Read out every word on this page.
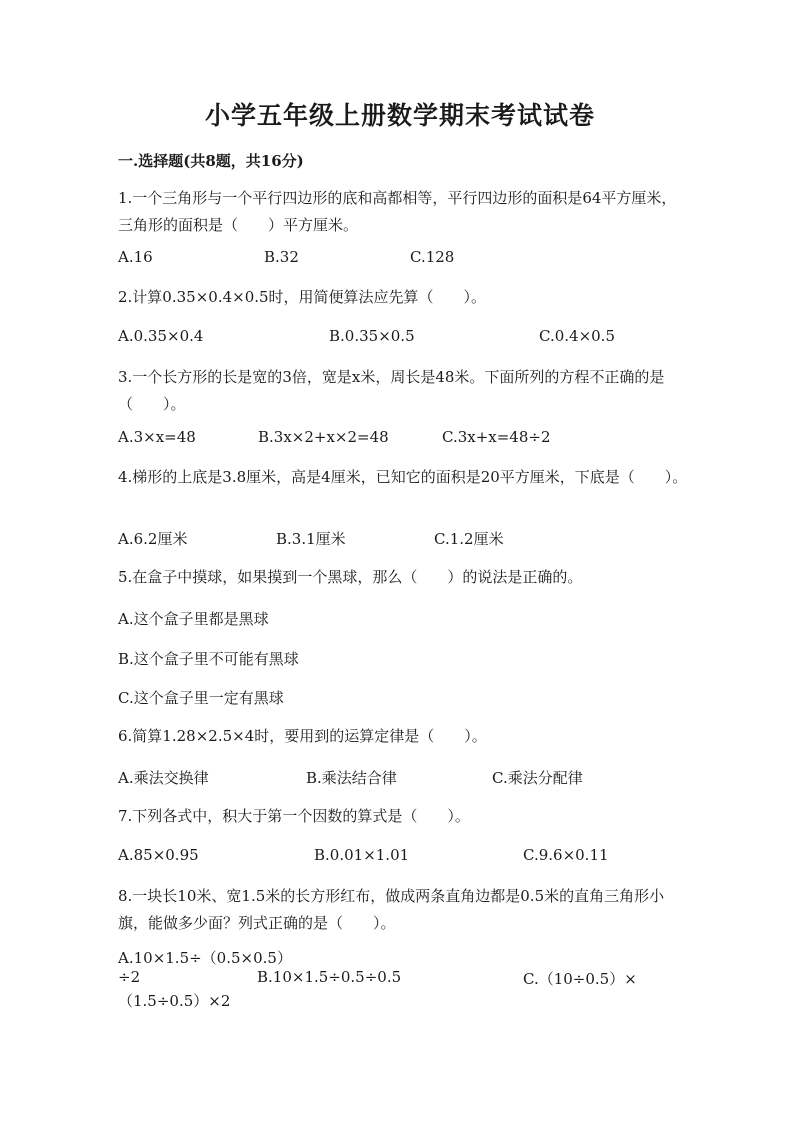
小学五年级上册数学期末考试试卷
一.选择题(共8题，共16分)
1.一个三角形与一个平行四边形的底和高都相等，平行四边形的面积是64平方厘米，三角形的面积是（　　）平方厘米。
A.16	B.32	C.128
2.计算0.35×0.4×0.5时，用简便算法应先算（　　）。
A.0.35×0.4	B.0.35×0.5	C.0.4×0.5
3.一个长方形的长是宽的3倍，宽是x米，周长是48米。下面所列的方程不正确的是（　　）。
A.3×x=48	B.3x×2+x×2=48	C.3x+x=48÷2
4.梯形的上底是3.8厘米，高是4厘米，已知它的面积是20平方厘米，下底是（　　）。
A.6.2厘米	B.3.1厘米	C.1.2厘米
5.在盒子中摸球，如果摸到一个黑球，那么（　　）的说法是正确的。
A.这个盒子里都是黑球
B.这个盒子里不可能有黑球
C.这个盒子里一定有黑球
6.简算1.28×2.5×4时，要用到的运算定律是（　　）。
A.乘法交换律	B.乘法结合律	C.乘法分配律
7.下列各式中，积大于第一个因数的算式是（　　）。
A.85×0.95	B.0.01×1.01	C.9.6×0.11
8.一块长10米、宽1.5米的长方形红布，做成两条直角边都是0.5米的直角三角形小旗，能做多少面？列式正确的是（　　）。
A.10×1.5÷（0.5×0.5）
÷2	B.10×1.5÷0.5÷0.5	C.（10÷0.5）×
（1.5÷0.5）×2
